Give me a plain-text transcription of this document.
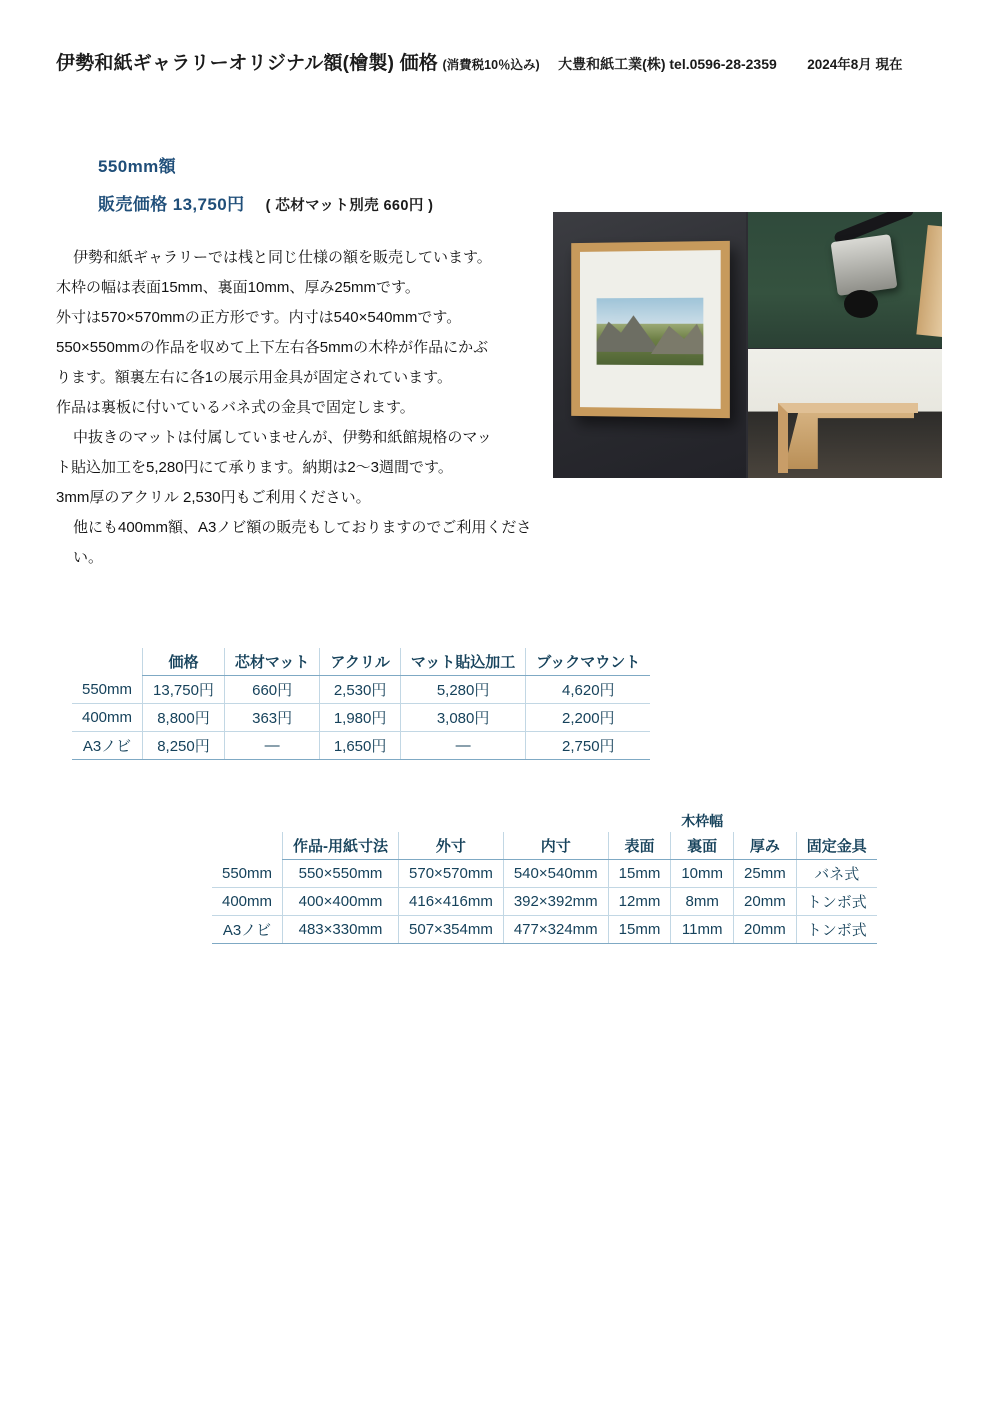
伊勢和紙ギャラリーオリジナル額(檜製) 価格 (消費税10％込み) 大豊和紙工業(株) tel.0596-28-2359 2024年8月 現在
550mm額
販売価格 13,750円 ( 芯材マット別売 660円 )

伊勢和紙ギャラリーでは桟と同じ仕様の額を販売しています。

木枠の幅は表面15mm、裏面10mm、厚み25mmです。

外寸は570×570mmの正方形です。内寸は540×540mmです。

550×550mmの作品を収めて上下左右各5mmの木枠が作品にかぶ

ります。額裏左右に各1の展示用金具が固定されています。

作品は裏板に付いているバネ式の金具で固定します。

中抜きのマットは付属していませんが、伊勢和紙館規格のマッ

ト貼込加工を5,280円にて承ります。納期は2〜3週間です。

3mm厚のアクリル 2,530円もご利用ください。

他にも400mm額、A3ノビ額の販売もしておりますのでご利用ください。

	価格	芯材マット	アクリル	マット貼込加工	ブックマウント
550mm	13,750円	660円	2,530円	5,280円	4,620円
400mm	8,800円	363円	1,980円	3,080円	2,200円
A3ノビ	8,250円	—	1,650円	—	2,750円
				木枠幅			
	作品-用紙寸法	外寸	内寸	表面	裏面	厚み	固定金具
550mm	550×550mm	570×570mm	540×540mm	15mm	10mm	25mm	バネ式
400mm	400×400mm	416×416mm	392×392mm	12mm	8mm	20mm	トンボ式
A3ノビ	483×330mm	507×354mm	477×324mm	15mm	11mm	20mm	トンボ式
